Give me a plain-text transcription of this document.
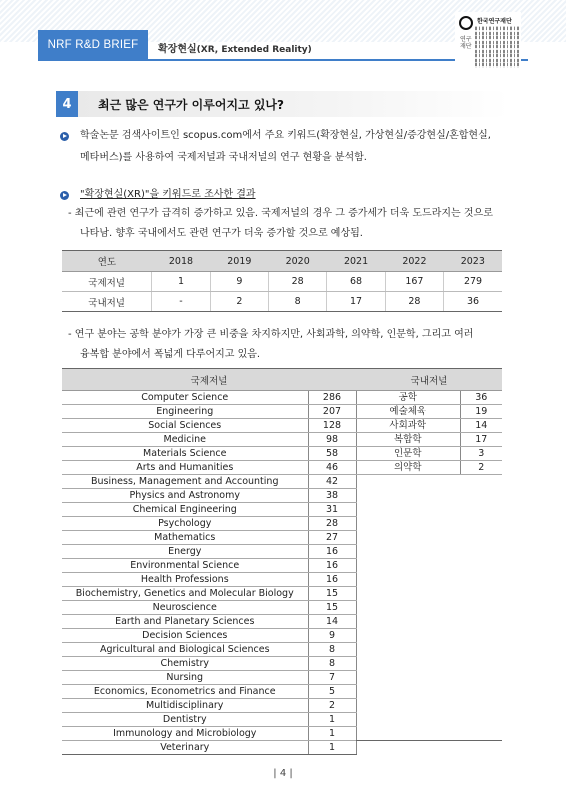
NRF R&D BRIEF	확장현실(XR, Extended Reality)
한국연구재단
연구재단
4	최근 많은 연구가 이루어지고 있나?
학술논문 검색사이트인 scopus.com에서 주요 키워드(확장현실, 가상현실/증강현실/혼합현실,
메타버스)를 사용하여 국제저널과 국내저널의 연구 현황을 분석함.
"확장현실(XR)"을 키워드로 조사한 결과
- 최근에 관련 연구가 급격히 증가하고 있음. 국제저널의 경우 그 증가세가 더욱 도드라지는 것으로
나타남. 향후 국내에서도 관련 연구가 더욱 증가할 것으로 예상됨.
연도	2018	2019	2020	2021	2022	2023
국제저널	1	9	28	68	167	279
국내저널	-	2	8	17	28	36
- 연구 분야는 공학 분야가 가장 큰 비중을 차지하지만, 사회과학, 의약학, 인문학, 그리고 여러
융복합 분야에서 폭넓게 다루어지고 있음.
국제저널	
Computer Science	286
Engineering	207
Social Sciences	128
Medicine	98
Materials Science	58
Arts and Humanities	46
Business, Management and Accounting	42
Physics and Astronomy	38
Chemical Engineering	31
Psychology	28
Mathematics	27
Energy	16
Environmental Science	16
Health Professions	16
Biochemistry, Genetics and Molecular Biology	15
Neuroscience	15
Earth and Planetary Sciences	14
Decision Sciences	9
Agricultural and Biological Sciences	8
Chemistry	8
Nursing	7
Economics, Econometrics and Finance	5
Multidisciplinary	2
Dentistry	1
Immunology and Microbiology	1
Veterinary	1
국내저널	
공학	36
예술체육	19
사회과학	14
복합학	17
인문학	3
의약학	2
| 4 |
